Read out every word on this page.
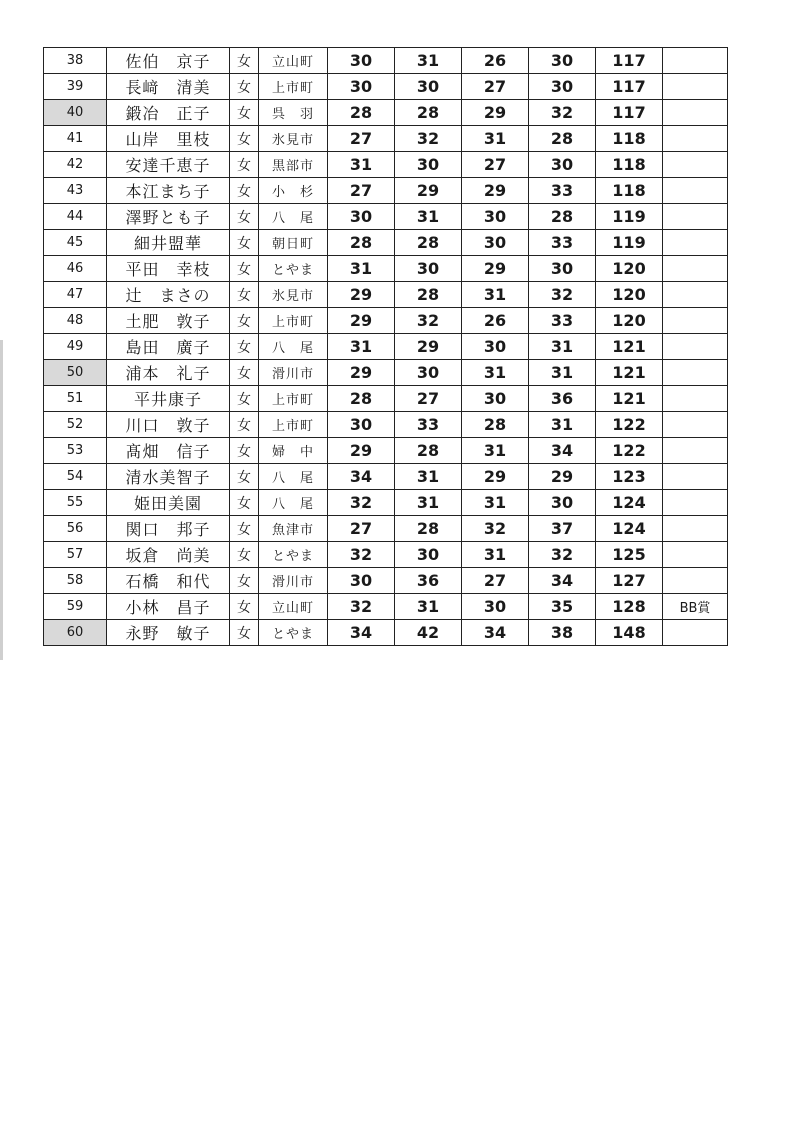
38	佐伯　京子	女	立山町	30	31	26	30	117	
39	長﨑　清美	女	上市町	30	30	27	30	117	
40	鍛冶　正子	女	呉　羽	28	28	29	32	117	
41	山岸　里枝	女	氷見市	27	32	31	28	118	
42	安達千恵子	女	黒部市	31	30	27	30	118	
43	本江まち子	女	小　杉	27	29	29	33	118	
44	澤野とも子	女	八　尾	30	31	30	28	119	
45	細井盟華	女	朝日町	28	28	30	33	119	
46	平田　幸枝	女	とやま	31	30	29	30	120	
47	辻　まさの	女	氷見市	29	28	31	32	120	
48	土肥　敦子	女	上市町	29	32	26	33	120	
49	島田　廣子	女	八　尾	31	29	30	31	121	
50	浦本　礼子	女	滑川市	29	30	31	31	121	
51	平井康子	女	上市町	28	27	30	36	121	
52	川口　敦子	女	上市町	30	33	28	31	122	
53	髙畑　信子	女	婦　中	29	28	31	34	122	
54	清水美智子	女	八　尾	34	31	29	29	123	
55	姫田美園	女	八　尾	32	31	31	30	124	
56	関口　邦子	女	魚津市	27	28	32	37	124	
57	坂倉　尚美	女	とやま	32	30	31	32	125	
58	石橋　和代	女	滑川市	30	36	27	34	127	
59	小林　昌子	女	立山町	32	31	30	35	128	BB賞
60	永野　敏子	女	とやま	34	42	34	38	148	
